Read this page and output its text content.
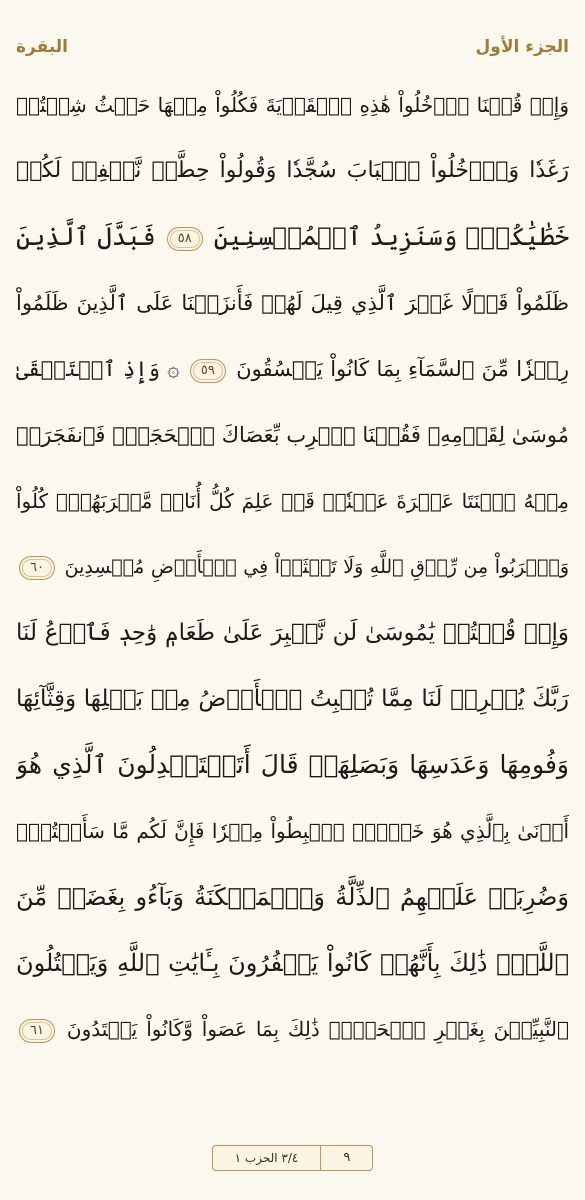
البقرة	الجزء الأول
وَإِذۡ قُلۡنَا ٱدۡخُلُواْ هَٰذِهِ ٱلۡقَرۡيَةَ فَكُلُواْ مِنۡهَا حَيۡثُ شِئۡتُمۡ
رَغَدٗا وَٱدۡخُلُواْ ٱلۡبَابَ سُجَّدٗا وَقُولُواْ حِطَّةٞ نَّغۡفِرۡ لَكُمۡ
خَطَٰيَٰكُمۡۚ وَسَنَزِيدُ ٱلۡمُحۡسِنِينَ ٥٨ فَبَدَّلَ ٱلَّذِينَ
ظَلَمُواْ قَوۡلًا غَيۡرَ ٱلَّذِي قِيلَ لَهُمۡ فَأَنزَلۡنَا عَلَى ٱلَّذِينَ ظَلَمُواْ
رِجۡزٗا مِّنَ ٱلسَّمَآءِ بِمَا كَانُواْ يَفۡسُقُونَ ٥٩ ۞ وَإِذِ ٱسۡتَسۡقَىٰ
مُوسَىٰ لِقَوۡمِهِۦ فَقُلۡنَا ٱضۡرِب بِّعَصَاكَ ٱلۡحَجَرَۖ فَٱنفَجَرَتۡ
مِنۡهُ ٱثۡنَتَا عَشۡرَةَ عَيۡنٗاۖ قَدۡ عَلِمَ كُلُّ أُنَاسٖ مَّشۡرَبَهُمۡۖ كُلُواْ
وَٱشۡرَبُواْ مِن رِّزۡقِ ٱللَّهِ وَلَا تَعۡثَوۡاْ فِي ٱلۡأَرۡضِ مُفۡسِدِينَ ٦٠
وَإِذۡ قُلۡتُمۡ يَٰمُوسَىٰ لَن نَّصۡبِرَ عَلَىٰ طَعَامٖ وَٰحِدٖ فَٱدۡعُ لَنَا
رَبَّكَ يُخۡرِجۡ لَنَا مِمَّا تُنۢبِتُ ٱلۡأَرۡضُ مِنۢ بَقۡلِهَا وَقِثَّآئِهَا
وَفُومِهَا وَعَدَسِهَا وَبَصَلِهَاۖ قَالَ أَتَسۡتَبۡدِلُونَ ٱلَّذِي هُوَ
أَدۡنَىٰ بِٱلَّذِي هُوَ خَيۡرٌۚ ٱهۡبِطُواْ مِصۡرٗا فَإِنَّ لَكُم مَّا سَأَلۡتُمۡۗ
وَضُرِبَتۡ عَلَيۡهِمُ ٱلذِّلَّةُ وَٱلۡمَسۡكَنَةُ وَبَآءُو بِغَضَبٖ مِّنَ
ٱللَّهِۗ ذَٰلِكَ بِأَنَّهُمۡ كَانُواْ يَكۡفُرُونَ بِـَٔايَٰتِ ٱللَّهِ وَيَقۡتُلُونَ
ٱلنَّبِيِّـۧنَ بِغَيۡرِ ٱلۡحَقِّۗ ذَٰلِكَ بِمَا عَصَواْ وَّكَانُواْ يَعۡتَدُونَ ٦١
٣/٤ الحزب ١	٩
